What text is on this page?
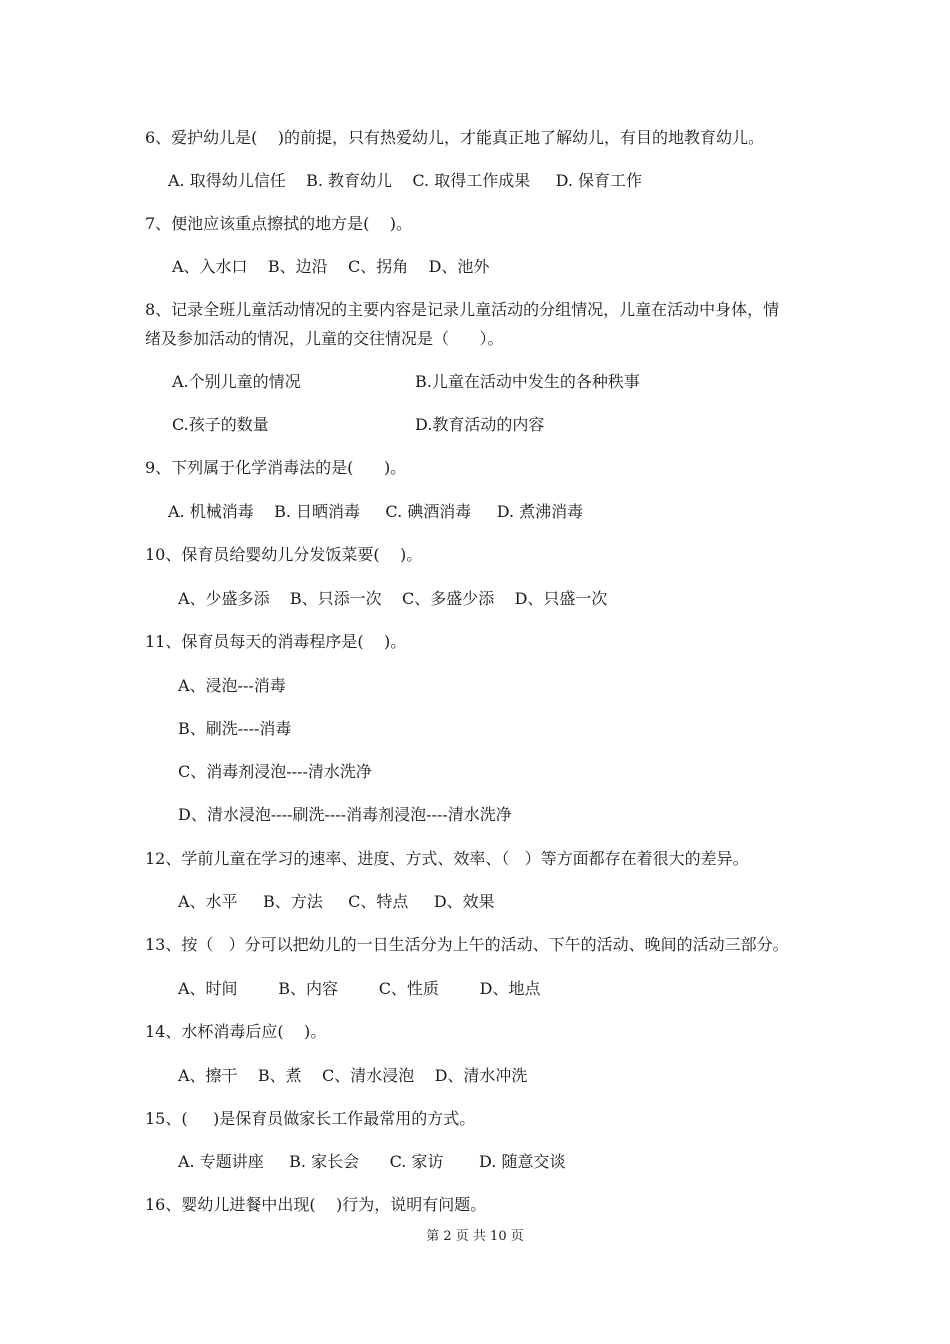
6、爱护幼儿是(    )的前提，只有热爱幼儿，才能真正地了解幼儿，有目的地教育幼儿。
A. 取得幼儿信任    B. 教育幼儿    C. 取得工作成果     D. 保育工作
7、便池应该重点擦拭的地方是(    )。
A、入水口    B、边沿    C、拐角    D、池外
8、记录全班儿童活动情况的主要内容是记录儿童活动的分组情况，儿童在活动中身体，情
绪及参加活动的情况，儿童的交往情况是（      ）。
A.个别儿童的情况	B.儿童在活动中发生的各种秩事
C.孩子的数量	D.教育活动的内容
9、下列属于化学消毒法的是(      )。
A. 机械消毒    B. 日晒消毒     C. 碘酒消毒     D. 煮沸消毒
10、保育员给婴幼儿分发饭菜要(    )。
A、少盛多添    B、只添一次    C、多盛少添    D、只盛一次
11、保育员每天的消毒程序是(    )。
A、浸泡---消毒
B、刷洗----消毒
C、消毒剂浸泡----清水洗净
D、清水浸泡----刷洗----消毒剂浸泡----清水洗净
12、学前儿童在学习的速率、进度、方式、效率、（   ）等方面都存在着很大的差异。
A、水平     B、方法     C、特点     D、效果
13、按（   ）分可以把幼儿的一日生活分为上午的活动、下午的活动、晚间的活动三部分。
A、时间        B、内容        C、性质        D、地点
14、水杯消毒后应(    )。
A、擦干    B、煮    C、清水浸泡    D、清水冲洗
15、(     )是保育员做家长工作最常用的方式。
A. 专题讲座     B. 家长会      C. 家访       D. 随意交谈
16、婴幼儿进餐中出现(    )行为，说明有问题。
第 2 页 共 10 页
